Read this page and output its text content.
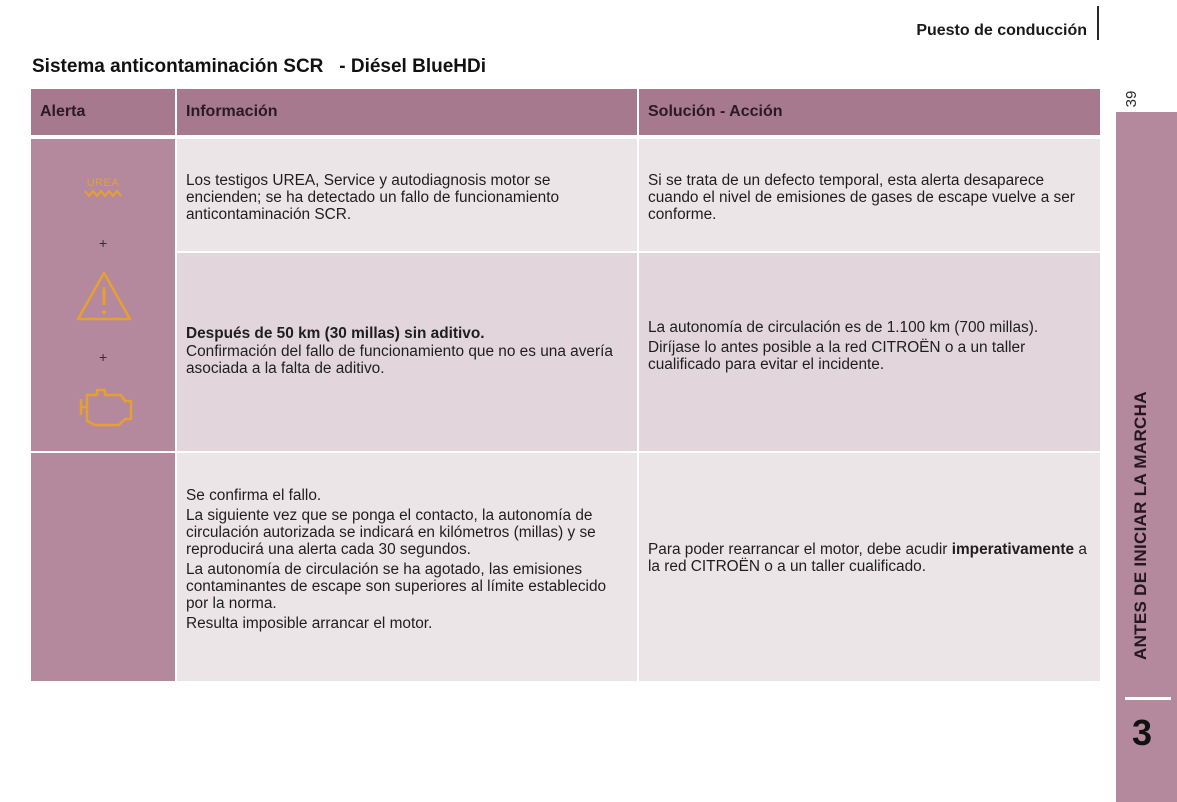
Puesto de conducción
Sistema anticontaminación SCR   - Diésel BlueHDi
Alerta	Información	Solución - Acción
UREA
+
+

Los testigos UREA, Service y autodiagnosis motor se encienden; se ha detectado un fallo de funcionamiento anticontaminación SCR.

Si se trata de un defecto temporal, esta alerta desaparece cuando el nivel de emisiones de gases de escape vuelve a ser conforme.

Después de 50 km (30 millas) sin aditivo.

Confirmación del fallo de funcionamiento que no es una avería asociada a la falta de aditivo.

La autonomía de circulación es de 1.100 km (700 millas).

Diríjase lo antes posible a la red CITROËN o a un taller cualificado para evitar el incidente.

Se confirma el fallo.

La siguiente vez que se ponga el contacto, la autonomía de circulación autorizada se indicará en kilómetros (millas) y se reproducirá una alerta cada 30 segundos.

La autonomía de circulación se ha agotado, las emisiones contaminantes de escape son superiores al límite establecido por la norma.

Resulta imposible arrancar el motor.

Para poder rearrancar el motor, debe acudir imperativamente a la red CITROËN o a un taller cualificado.

39
ANTES DE INICIAR LA MARCHA
3
